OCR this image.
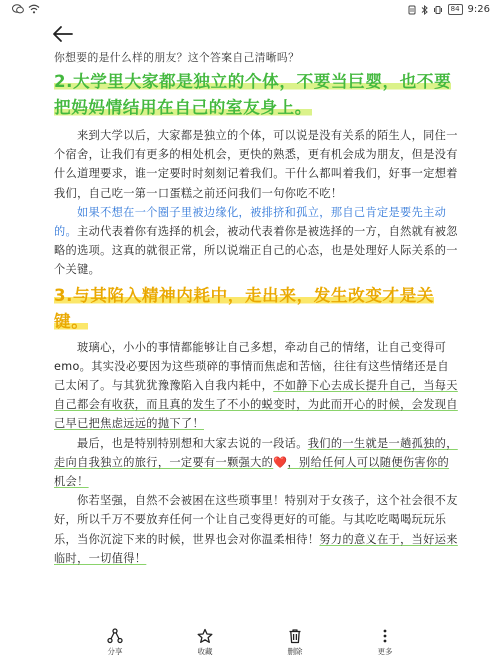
84 9:26

你想要的是什么样的朋友？这个答案自己清晰吗？

2.大学里大家都是独立的个体，不要当巨婴，也不要把妈妈情结用在自己的室友身上。

来到大学以后，大家都是独立的个体，可以说是没有关系的陌生人，同住一个宿舍，让我们有更多的相处机会，更快的熟悉，更有机会成为朋友，但是没有什么道理要求，谁一定要时时刻刻记着我们。干什么都叫着我们，好事一定想着我们，自己吃一第一口蛋糕之前还问我们一句你吃不吃！

如果不想在一个圈子里被边缘化，被排挤和孤立，那自己肯定是要先主动的。主动代表着你有选择的机会，被动代表着你是被选择的一方，自然就有被忽略的选项。这真的就很正常，所以说端正自己的心态，也是处理好人际关系的一个关键。

3.与其陷入精神内耗中，走出来，发生改变才是关键。

玻璃心，小小的事情都能够让自己多想，牵动自己的情绪，让自己变得可emo。其实没必要因为这些琐碎的事情而焦虑和苦恼，往往有这些情绪还是自己太闲了。与其犹犹豫豫陷入自我内耗中，不如静下心去成长提升自己，当每天自己都会有收获，而且真的发生了不小的蜕变时，为此而开心的时候，会发现自己早已把焦虑远远的抛下了！

最后，也是特别特别想和大家去说的一段话。我们的一生就是一趟孤独的，走向自我独立的旅行，一定要有一颗强大的❤️，别给任何人可以随便伤害你的机会！

你若坚强，自然不会被困在这些琐事里！特别对于女孩子，这个社会很不友好，所以千万不要放弃任何一个让自己变得更好的可能。与其吃吃喝喝玩玩乐乐，当你沉淀下来的时候，世界也会对你温柔相待！努力的意义在于，当好运来临时，一切值得！

分享	收藏	删除	更多
